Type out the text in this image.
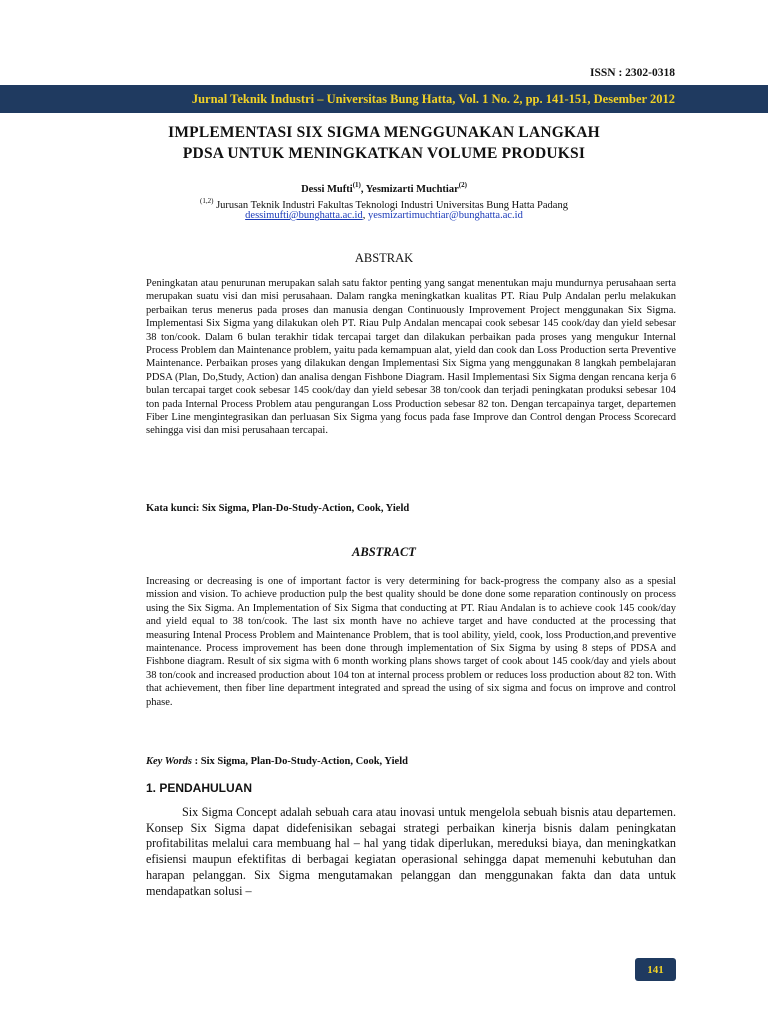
ISSN : 2302-0318
Jurnal Teknik Industri – Universitas Bung Hatta, Vol. 1 No. 2, pp. 141-151, Desember 2012
IMPLEMENTASI SIX SIGMA MENGGUNAKAN LANGKAH
PDSA UNTUK MENINGKATKAN VOLUME PRODUKSI
Dessi Mufti$^{(1)}$, Yesmizarti Muchtiar$^{(2)}$
$^{(1,2)}$ Jurusan Teknik Industri Fakultas Teknologi Industri Universitas Bung Hatta Padang
dessimufti@bunghatta.ac.id, yesmizartimuchtiar@bunghatta.ac.id
ABSTRAK
Peningkatan atau penurunan merupakan salah satu faktor penting yang sangat menentukan maju mundurnya perusahaan serta merupakan suatu visi dan misi perusahaan. Dalam rangka meningkatkan kualitas PT. Riau Pulp Andalan perlu melakukan perbaikan terus menerus pada proses dan manusia dengan Continuously Improvement Project menggunakan Six Sigma. Implementasi Six Sigma yang dilakukan oleh PT. Riau Pulp Andalan mencapai cook sebesar 145 cook/day dan yield sebesar 38 ton/cook. Dalam 6 bulan terakhir tidak tercapai target dan dilakukan perbaikan pada proses yang mengukur Internal Process Problem dan Maintenance problem, yaitu pada kemampuan alat, yield dan cook dan Loss Production serta Preventive Maintenance. Perbaikan proses yang dilakukan dengan Implementasi Six Sigma yang menggunakan 8 langkah pembelajaran PDSA (Plan, Do,Study, Action) dan analisa dengan Fishbone Diagram. Hasil Implementasi Six Sigma dengan rencana kerja 6 bulan tercapai target cook sebesar 145 cook/day dan yield sebesar 38 ton/cook dan terjadi peningkatan produksi sebesar 104 ton pada Internal Process Problem atau pengurangan Loss Production sebesar 82 ton. Dengan tercapainya target, departemen Fiber Line mengintegrasikan dan perluasan Six Sigma yang focus pada fase Improve dan Control dengan Process Scorecard sehingga visi dan misi perusahaan tercapai.
Kata kunci: Six Sigma, Plan-Do-Study-Action, Cook, Yield
ABSTRACT
Increasing or decreasing is one of important factor is very determining for back-progress the company also as a spesial mission and vision. To achieve production pulp the best quality should be done done some reparation continously on process using the Six Sigma. An Implementation of Six Sigma that conducting at PT. Riau Andalan is to achieve cook 145 cook/day and yield equal to 38 ton/cook. The last six month have no achieve target and have conducted at the processing that measuring Intenal Process Problem and Maintenance Problem, that is tool ability, yield, cook, loss Production,and preventive maintenance. Process improvement has been done through implementation of Six Sigma by using 8 steps of PDSA and Fishbone diagram. Result of six sigma with 6 month working plans shows target of cook about 145 cook/day and yiels about 38 ton/cook and increased production about 104 ton at internal process problem or reduces loss production about 82 ton. With that achievement, then fiber line department integrated and spread the using of six sigma and focus on improve and control phase.
Key Words : Six Sigma, Plan-Do-Study-Action, Cook, Yield
1. PENDAHULUAN
Six Sigma Concept adalah sebuah cara atau inovasi untuk mengelola sebuah bisnis atau departemen. Konsep Six Sigma dapat didefenisikan sebagai strategi perbaikan kinerja bisnis dalam peningkatan profitabilitas melalui cara membuang hal – hal yang tidak diperlukan, mereduksi biaya, dan meningkatkan efisiensi maupun efektifitas di berbagai kegiatan operasional sehingga dapat memenuhi kebutuhan dan harapan pelanggan. Six Sigma mengutamakan pelanggan dan menggunakan fakta dan data untuk mendapatkan solusi –
141
